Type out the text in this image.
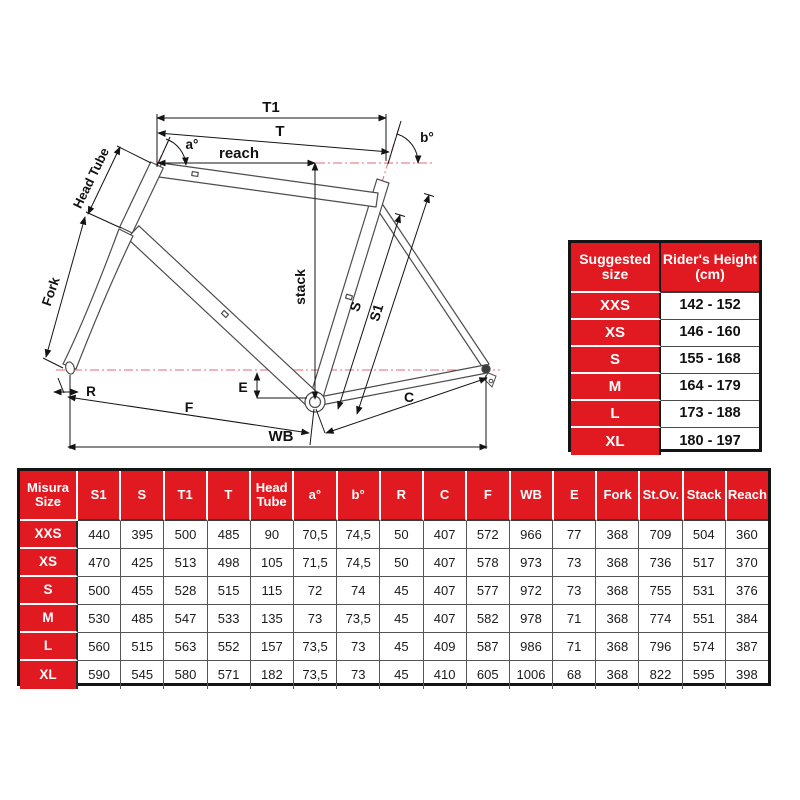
T1
T
reach
a°	b°
Head Tube
Fork	stack
S S1
E
R
F
C
WB
Suggested size
Rider's Height (cm)
XXS	142 - 152
XS	146 - 160
S	155 - 168
M	164 - 179
L	173 - 188
XL	180 - 197
Misura Size	S1	S	T1	T	Head Tube	a°	b°	R	C	F	WB	E	Fork St.Ov. Stack Reach
XXS	440	395	500	485	90	70,5	74,5	50	407	572	966	77	368	709	504	360
XS	470	425	513	498	105	71,5	74,5	50	407	578	973	73	368	736	517	370
S	500	455	528	515	115	72	74	45	407	577	972	73	368	755	531	376
M	530	485	547	533	135	73	73,5	45	407	582	978	71	368	774	551	384
L	560	515	563	552	157	73,5	73	45	409	587	986	71	368	796	574	387
XL	590	545	580	571	182	73,5	73	45	410	605	1006	68	368	822	595	398
